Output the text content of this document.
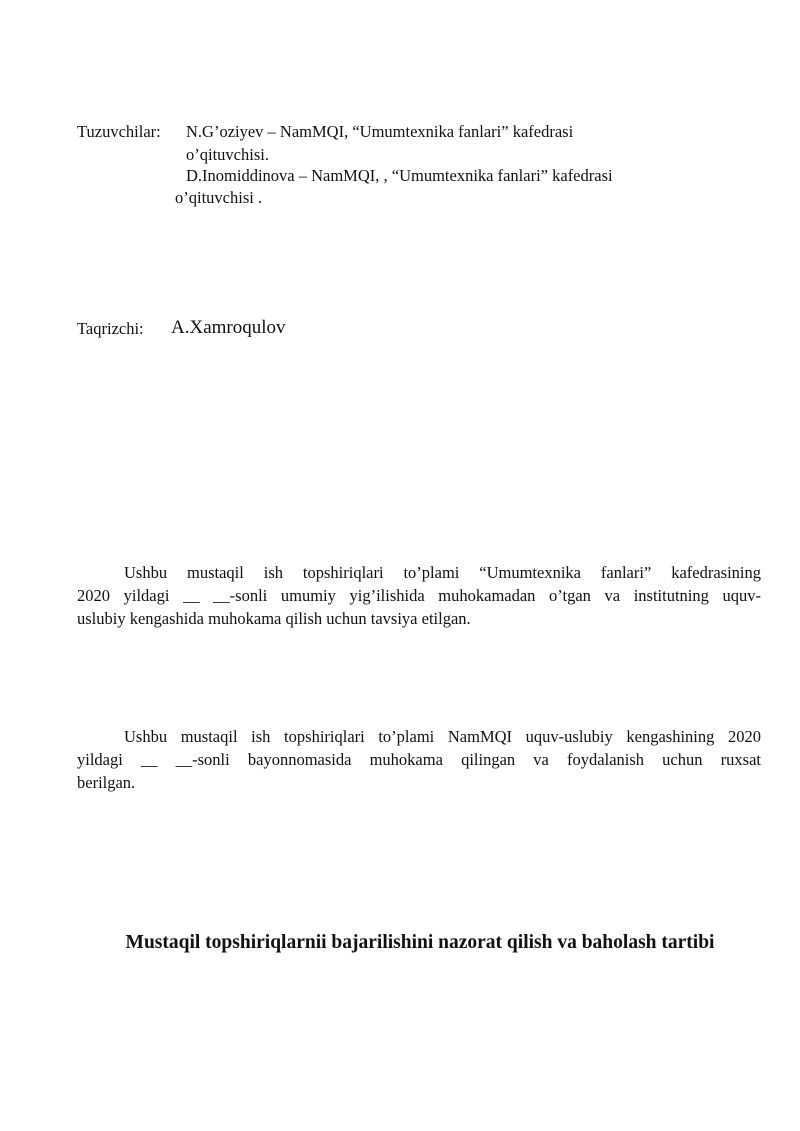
Tuzuvchilar: N.G’oziyev – NamMQI, “Umumtexnika fanlari” kafedrasi
o’qituvchisi.
D.Inomiddinova – NamMQI, , “Umumtexnika fanlari” kafedrasi
o’qituvchisi .
Taqrizchi: A.Xamroqulov
Ushbu mustaqil ish topshiriqlari to’plami “Umumtexnika fanlari” kafedrasining
2020 yildagi __ __-sonli umumiy yig’ilishida muhokamadan o’tgan va institutning uquv-
uslubiy kengashida muhokama qilish uchun tavsiya etilgan.
Ushbu mustaqil ish topshiriqlari to’plami NamMQI uquv-uslubiy kengashining 2020
yildagi __ __-sonli bayonnomasida muhokama qilingan va foydalanish uchun ruxsat
berilgan.
Mustaqil topshiriqlarnii bajarilishini nazorat qilish va baholash tartibi
